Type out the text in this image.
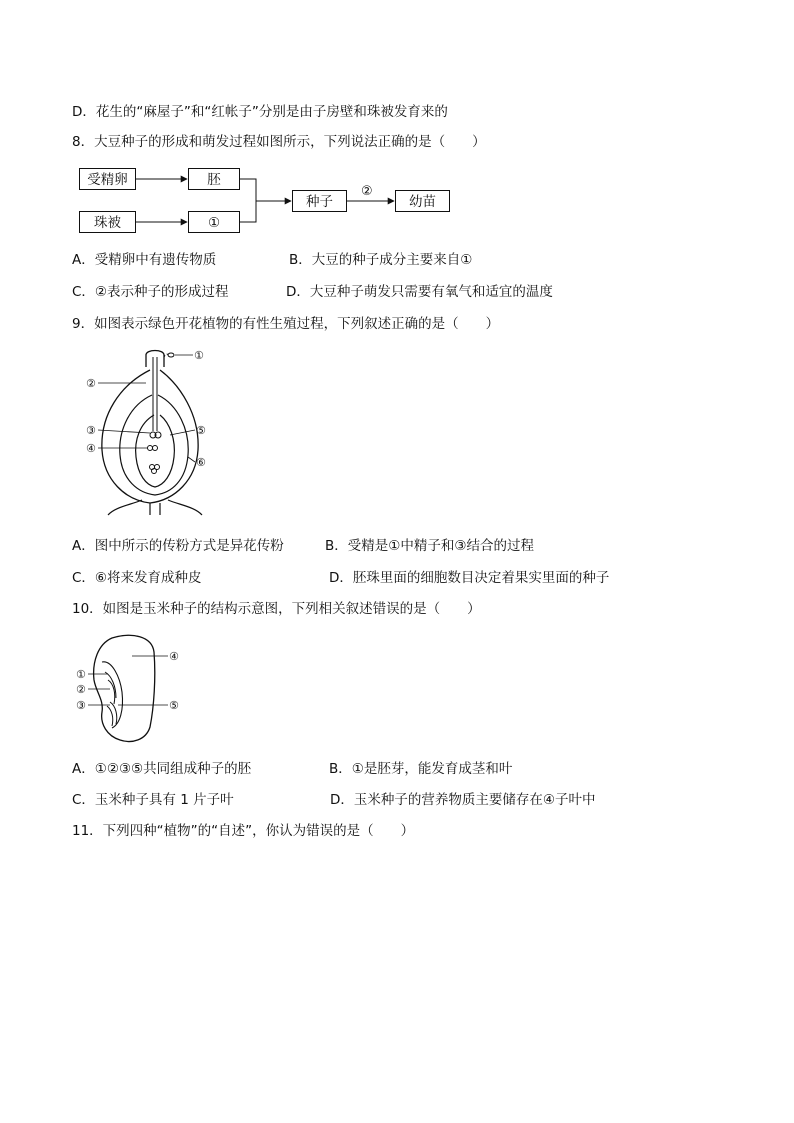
D．花生的“麻屋子”和“红帐子”分别是由子房壁和珠被发育来的
8．大豆种子的形成和萌发过程如图所示，下列说法正确的是（　　）
受精卵	胚
珠被	①
种子	幼苗
②
A．受精卵中有遗传物质	B．大豆的种子成分主要来自①
C．②表示种子的形成过程	D．大豆种子萌发只需要有氧气和适宜的温度
9．如图表示绿色开花植物的有性生殖过程，下列叙述正确的是（　　）
①
②
③
④
⑤
⑥
A．图中所示的传粉方式是异花传粉	B．受精是①中精子和③结合的过程
C．⑥将来发育成种皮	D．胚珠里面的细胞数目决定着果实里面的种子
10．如图是玉米种子的结构示意图，下列相关叙述错误的是（　　）
④
①
②
③	⑤
A．①②③⑤共同组成种子的胚	B．①是胚芽，能发育成茎和叶
C．玉米种子具有 1 片子叶	D．玉米种子的营养物质主要储存在④子叶中
11．下列四种“植物”的“自述”，你认为错误的是（　　）
